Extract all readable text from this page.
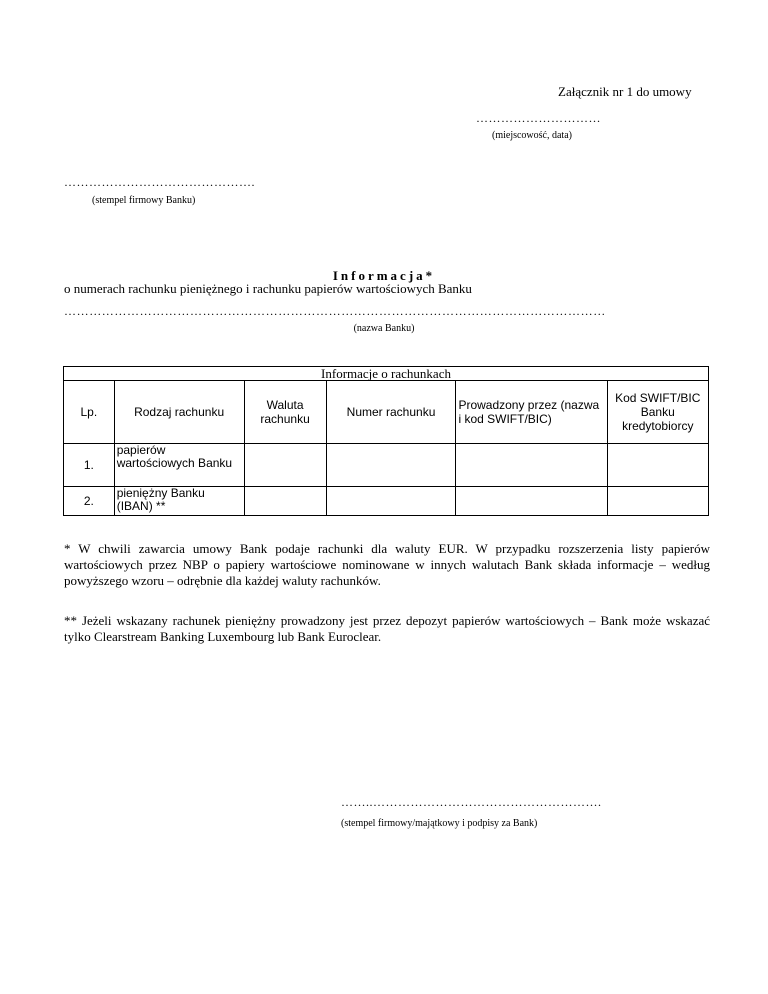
Załącznik nr 1 do umowy
…………………………
(miejscowość, data)
……………………………………….
(stempel firmowy Banku)
Informacja*
o numerach rachunku pieniężnego i rachunku papierów wartościowych Banku
…………………………………………………………………………………………………………………
(nazwa Banku)
Informacje o rachunkach					
Lp.	Rodzaj rachunku	Waluta rachunku	Numer rachunku	Prowadzony przez (nazwa i kod SWIFT/BIC)	Kod SWIFT/BIC Banku kredytobiorcy
1.	papierów wartościowych Banku				
2.	pieniężny Banku (IBAN) **				
* W chwili zawarcia umowy Bank podaje rachunki dla waluty EUR. W przypadku rozszerzenia listy papierów wartościowych przez NBP o papiery wartościowe nominowane w innych walutach Bank składa informacje – według powyższego wzoru – odrębnie dla każdej waluty rachunków.
** Jeżeli wskazany rachunek pieniężny prowadzony jest przez depozyt papierów wartościowych – Bank może wskazać tylko Clearstream Banking Luxembourg lub Bank Euroclear.
……..……………………………………………….
(stempel firmowy/majątkowy i podpisy za Bank)
